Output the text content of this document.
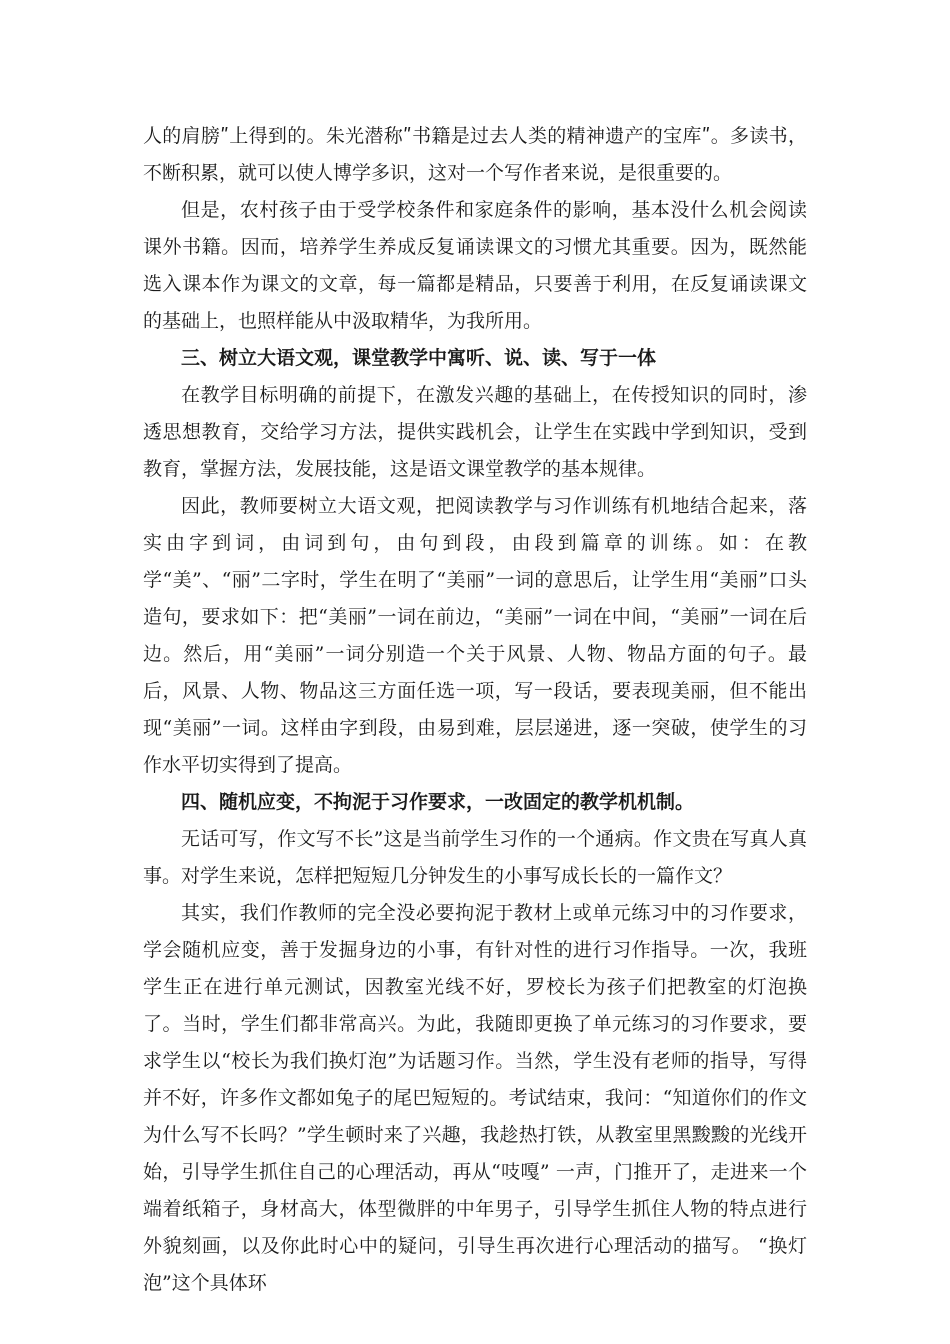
人的肩膀ʺ上得到的。朱光潜称ʺ书籍是过去人类的精神遗产的宝库ʺ。多读书，不断积累，就可以使人博学多识，这对一个写作者来说，是很重要的。

但是，农村孩子由于受学校条件和家庭条件的影响，基本没什么机会阅读课外书籍。因而，培养学生养成反复诵读课文的习惯尤其重要。因为，既然能选入课本作为课文的文章，每一篇都是精品，只要善于利用，在反复诵读课文的基础上，也照样能从中汲取精华，为我所用。

三、树立大语文观，课堂教学中寓听、说、读、写于一体

在教学目标明确的前提下，在激发兴趣的基础上，在传授知识的同时，渗透思想教育，交给学习方法，提供实践机会，让学生在实践中学到知识，受到教育，掌握方法，发展技能，这是语文课堂教学的基本规律。

因此，教师要树立大语文观，把阅读教学与习作训练有机地结合起来，落实由字到词，由词到句，由句到段，由段到篇章的训练。如：在教学“美”、“丽”二字时，学生在明了“美丽”一词的意思后，让学生用“美丽”口头造句，要求如下：把“美丽”一词在前边，“美丽”一词在中间，“美丽”一词在后边。然后，用“美丽”一词分别造一个关于风景、人物、物品方面的句子。最后，风景、人物、物品这三方面任选一项，写一段话，要表现美丽，但不能出现“美丽”一词。这样由字到段，由易到难，层层递进，逐一突破，使学生的习作水平切实得到了提高。

四、随机应变，不拘泥于习作要求，一改固定的教学机机制。

无话可写，作文写不长”这是当前学生习作的一个通病。作文贵在写真人真事。对学生来说，怎样把短短几分钟发生的小事写成长长的一篇作文？

其实，我们作教师的完全没必要拘泥于教材上或单元练习中的习作要求，学会随机应变，善于发掘身边的小事，有针对性的进行习作指导。一次，我班学生正在进行单元测试，因教室光线不好，罗校长为孩子们把教室的灯泡换了。当时，学生们都非常高兴。为此，我随即更换了单元练习的习作要求，要求学生以“校长为我们换灯泡”为话题习作。当然，学生没有老师的指导，写得并不好，许多作文都如兔子的尾巴短短的。考试结束，我问：“知道你们的作文为什么写不长吗？”学生顿时来了兴趣，我趁热打铁，从教室里黑黢黢的光线开始，引导学生抓住自己的心理活动，再从“吱嘎” 一声，门推开了，走进来一个端着纸箱子，身材高大，体型微胖的中年男子，引导学生抓住人物的特点进行外貌刻画，以及你此时心中的疑问，引导生再次进行心理活动的描写。 “换灯泡”这个具体环
